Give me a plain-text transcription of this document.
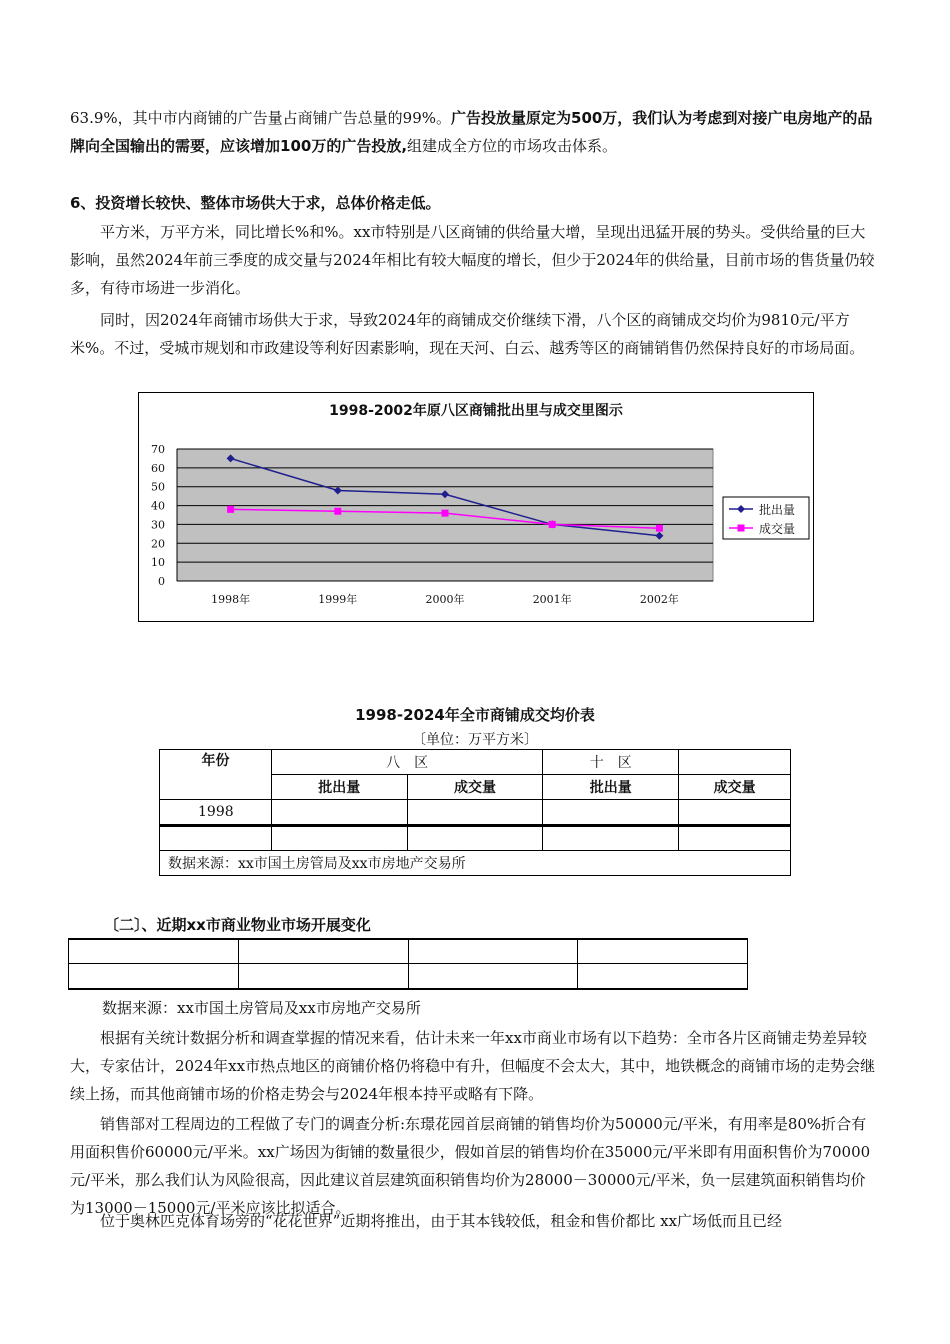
63.9%，其中市内商铺的广告量占商铺广告总量的99%。广告投放量原定为500万，我们认为考虑到对接广电房地产的品牌向全国输出的需要，应该增加100万的广告投放,组建成全方位的市场攻击体系。

6、投资增长较快、整体市场供大于求，总体价格走低。

平方米，万平方米，同比增长%和%。xx市特别是八区商铺的供给量大增，呈现出迅猛开展的势头。受供给量的巨大影响，虽然2024年前三季度的成交量与2024年相比有较大幅度的增长，但少于2024年的供给量，目前市场的售货量仍较多，有待市场进一步消化。

同时，因2024年商铺市场供大于求，导致2024年的商铺成交价继续下滑，八个区的商铺成交均价为9810元/平方米%。不过，受城市规划和市政建设等利好因素影响，现在天河、白云、越秀等区的商铺销售仍然保持良好的市场局面。

1998-2002年原八区商铺批出里与成交里图示
0
10
20
30
40
50
60
70
1998年	1999年	2000年	2001年	2002年
批出量
成交量
1998-2024年全市商铺成交均价表
〔单位：万平方米〕
年份	八　区		十　区	
	批出量	成交量	批出量	成交量
1998				

数据来源：xx市国土房管局及xx市房地产交易所				
〔二〕、近期xx市商业物业市场开展变化

数据来源：xx市国土房管局及xx市房地产交易所

根据有关统计数据分析和调查掌握的情况来看，估计未来一年xx市商业市场有以下趋势：全市各片区商铺走势差异较大，专家估计，2024年xx市热点地区的商铺价格仍将稳中有升，但幅度不会太大，其中，地铁概念的商铺市场的走势会继续上扬，而其他商铺市场的价格走势会与2024年根本持平或略有下降。

销售部对工程周边的工程做了专门的调查分析:东璟花园首层商铺的销售均价为50000元/平米，有用率是80%折合有用面积售价60000元/平米。xx广场因为街铺的数量很少，假如首层的销售均价在35000元/平米即有用面积售价为70000元/平米，那么我们认为风险很高，因此建议首层建筑面积销售均价为28000－30000元/平米，负一层建筑面积销售均价为13000－15000元/平米应该比拟适合。

位于奥林匹克体育场旁的“花花世界”近期将推出，由于其本钱较低，租金和售价都比 xx广场低而且已经
